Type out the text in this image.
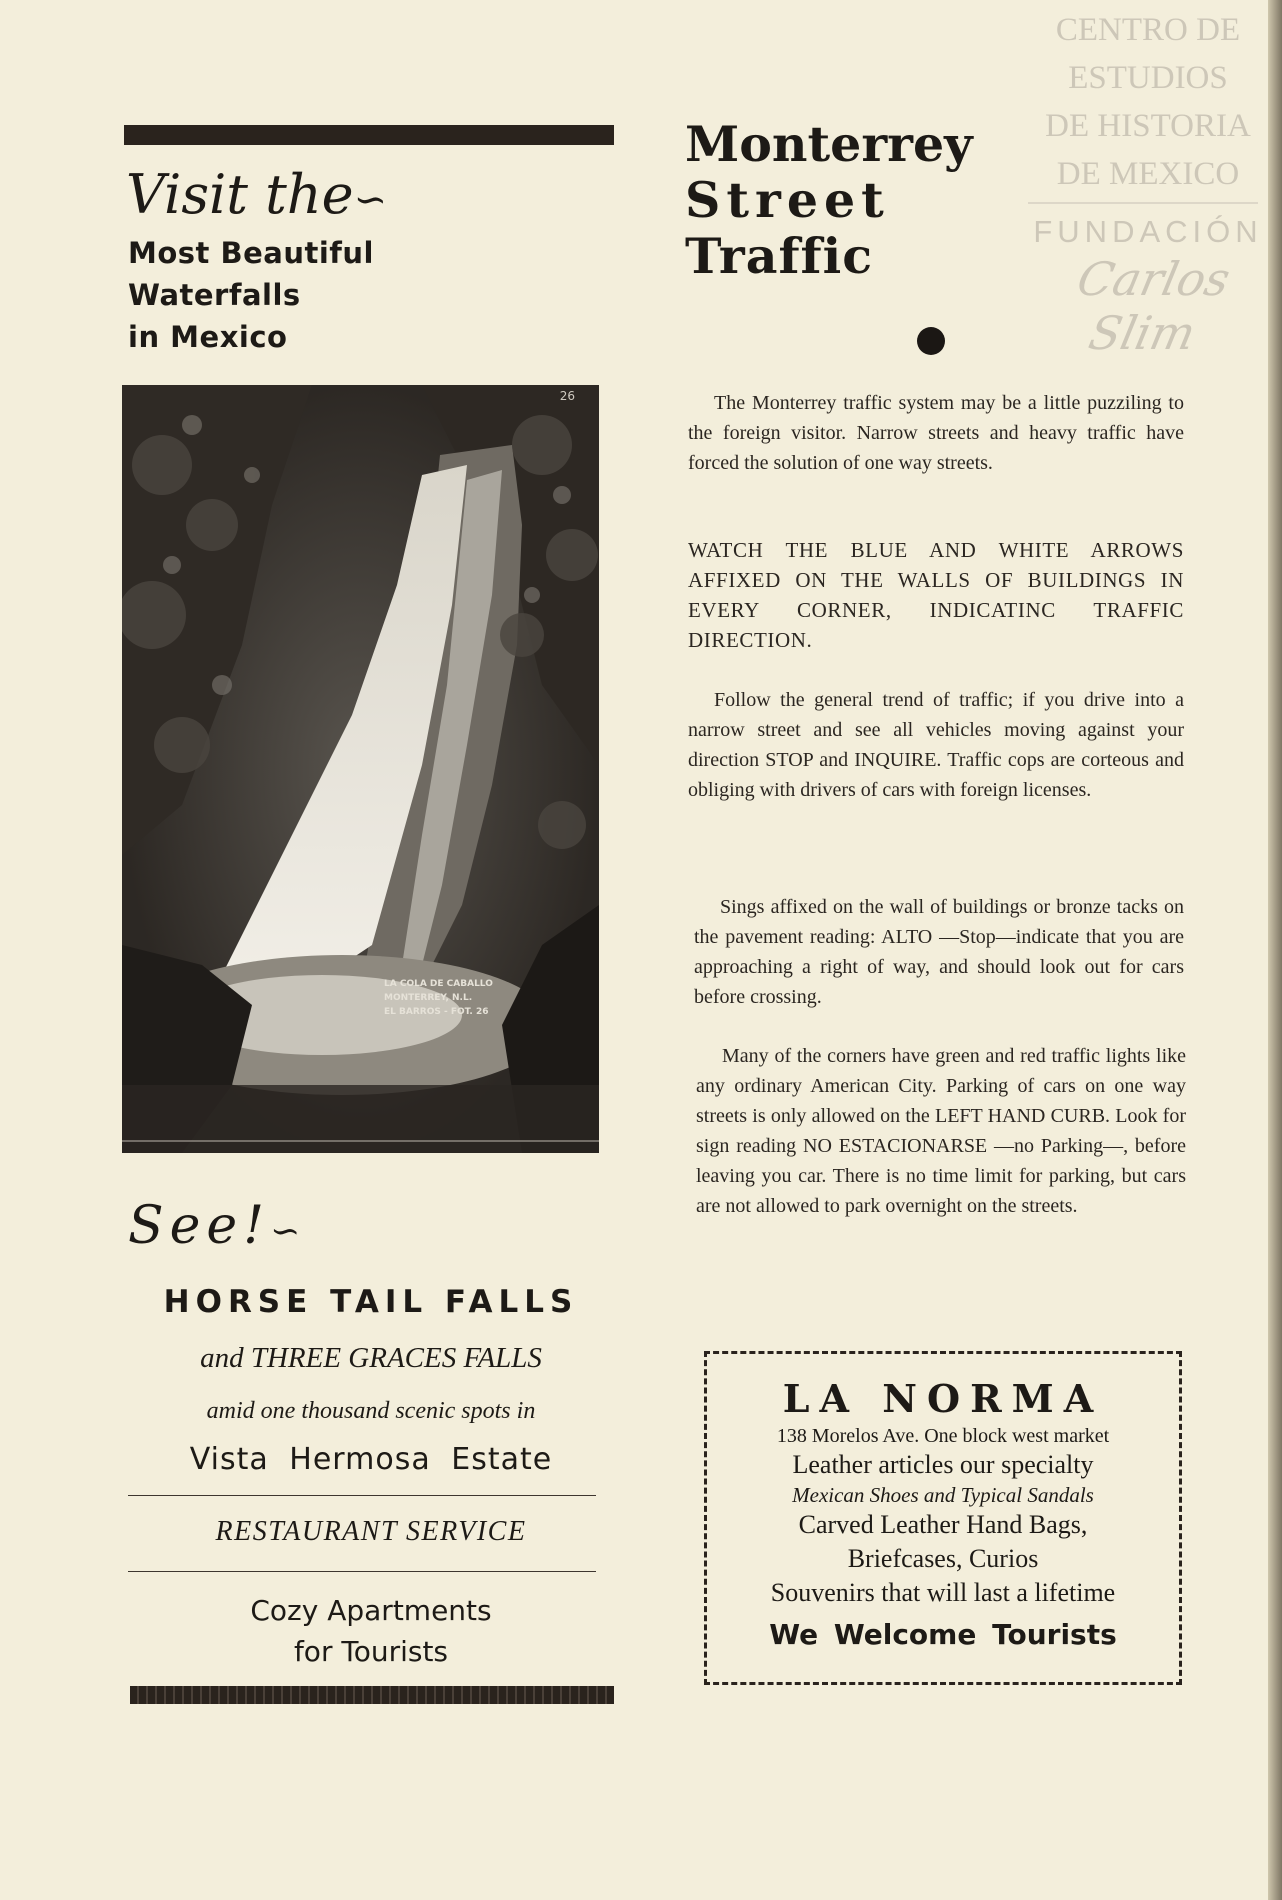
CENTRO DE
ESTUDIOS
DE HISTORIA
DE MEXICO
FUNDACIÓN
Carlos Slim
Visit the∽
Most Beautiful
Waterfalls
in Mexico
26
LA COLA DE CABALLO
MONTERREY, N.L.
EL BARROS - FOT. 26
See!∽
HORSE TAIL FALLS
and THREE GRACES FALLS
amid one thousand scenic spots in
Vista Hermosa Estate
RESTAURANT SERVICE
Cozy Apartments
for Tourists
Monterrey
Street
Traffic

The Monterrey traffic system may be a little puzziling to the foreign visitor. Narrow streets and heavy traffic have forced the solution of one way streets.

WATCH THE BLUE AND WHITE ARROWS AFFIXED ON THE WALLS OF BUILDINGS IN EVERY CORNER, INDICATINC TRAFFIC DIRECTION.

Follow the general trend of traffic; if you drive into a narrow street and see all vehicles moving against your direction STOP and INQUIRE. Traffic cops are corteous and obliging with drivers of cars with foreign licenses.

Sings affixed on the wall of buildings or bronze tacks on the pavement reading: ALTO —Stop—indicate that you are approaching a right of way, and should look out for cars before crossing.

Many of the corners have green and red traffic lights like any ordinary American City. Parking of cars on one way streets is only allowed on the LEFT HAND CURB. Look for sign reading NO ESTACIONARSE —no Parking—, before leaving you car. There is no time limit for parking, but cars are not allowed to park overnight on the streets.

LA NORMA
138 Morelos Ave. One block west market
Leather articles our specialty
Mexican Shoes and Typical Sandals
Carved Leather Hand Bags,
Briefcases, Curios
Souvenirs that will last a lifetime
We Welcome Tourists
